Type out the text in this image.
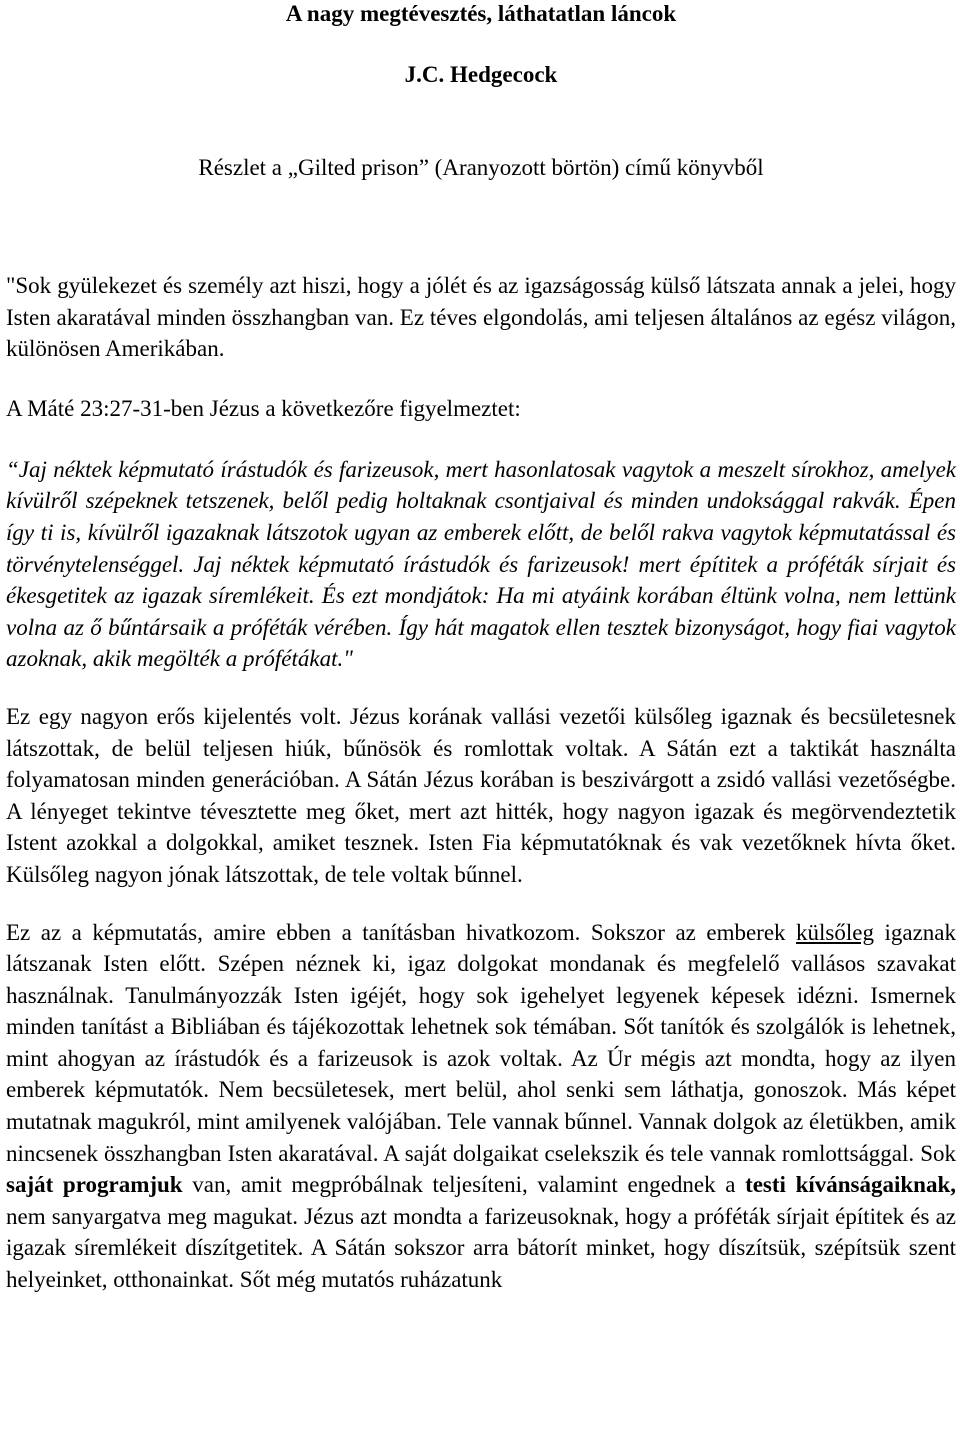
A nagy megtévesztés, láthatatlan láncok

J.C. Hedgecock

Részlet a „Gilted prison” (Aranyozott börtön) című könyvből

"Sok gyülekezet és személy azt hiszi, hogy a jólét és az igazságosság külső látszata annak a jelei, hogy Isten akaratával minden összhangban van. Ez téves elgondolás, ami teljesen általános az egész világon, különösen Amerikában.

A Máté 23:27-31-ben Jézus a következőre figyelmeztet:

“Jaj néktek képmutató írástudók és farizeusok, mert hasonlatosak vagytok a meszelt sírokhoz, amelyek kívülről szépeknek tetszenek, belől pedig holtaknak csontjaival és minden undoksággal rakvák. Épen így ti is, kívülről igazaknak látszotok ugyan az emberek előtt, de belől rakva vagytok képmutatással és törvénytelenséggel. Jaj néktek képmutató írástudók és farizeusok! mert építitek a próféták sírjait és ékesgetitek az igazak síremlékeit. És ezt mondjátok: Ha mi atyáink korában éltünk volna, nem lettünk volna az ő bűntársaik a próféták vérében. Így hát magatok ellen tesztek bizonyságot, hogy fiai vagytok azoknak, akik megölték a prófétákat."

Ez egy nagyon erős kijelentés volt. Jézus korának vallási vezetői külsőleg igaznak és becsületesnek látszottak, de belül teljesen hiúk, bűnösök és romlottak voltak. A Sátán ezt a taktikát használta folyamatosan minden generációban. A Sátán Jézus korában is beszivárgott a zsidó vallási vezetőségbe. A lényeget tekintve tévesztette meg őket, mert azt hitték, hogy nagyon igazak és megörvendeztetik Istent azokkal a dolgokkal, amiket tesznek. Isten Fia képmutatóknak és vak vezetőknek hívta őket. Külsőleg nagyon jónak látszottak, de tele voltak bűnnel.

Ez az a képmutatás, amire ebben a tanításban hivatkozom. Sokszor az emberek külsőleg igaznak látszanak Isten előtt. Szépen néznek ki, igaz dolgokat mondanak és megfelelő vallásos szavakat használnak. Tanulmányozzák Isten igéjét, hogy sok igehelyet legyenek képesek idézni. Ismernek minden tanítást a Bibliában és tájékozottak lehetnek sok témában. Sőt tanítók és szolgálók is lehetnek, mint ahogyan az írástudók és a farizeusok is azok voltak. Az Úr mégis azt mondta, hogy az ilyen emberek képmutatók. Nem becsületesek, mert belül, ahol senki sem láthatja, gonoszok. Más képet mutatnak magukról, mint amilyenek valójában. Tele vannak bűnnel. Vannak dolgok az életükben, amik nincsenek összhangban Isten akaratával. A saját dolgaikat cselekszik és tele vannak romlottsággal. Sok saját programjuk van, amit megpróbálnak teljesíteni, valamint engednek a testi kívánságaiknak, nem sanyargatva meg magukat. Jézus azt mondta a farizeusoknak, hogy a próféták sírjait építitek és az igazak síremlékeit díszítgetitek. A Sátán sokszor arra bátorít minket, hogy díszítsük, szépítsük szent helyeinket, otthonainkat. Sőt még mutatós ruházatunk
